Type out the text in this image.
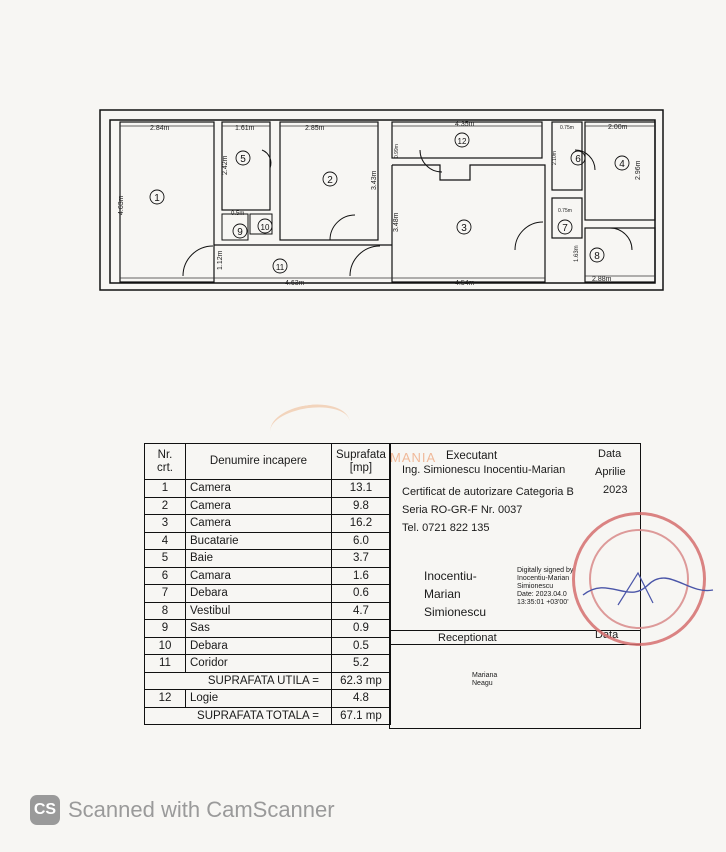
1
2
3
4
5	6
7
8
9 10
11
12
2.84m	1.61m	2.85m
4.35m	2.00m
0.75m
4.63m
3.43m
3.48m
2.96m
2.42m	2.10m
0.99m
0.5m
1.12m
0.75m
1.63m
4.63m	4.54m
2.88m
MANIA
Nr. crt.	Denumire incapere	Suprafata [mp]
1	Camera	13.1
2	Camera	9.8
3	Camera	16.2
4	Bucatarie	6.0
5	Baie	3.7
6	Camara	1.6
7	Debara	0.6
8	Vestibul	4.7
9	Sas	0.9
10	Debara	0.5
11	Coridor	5.2
SUPRAFATA UTILA =		62.3 mp
12	Logie	4.8
SUPRAFATA TOTALA =		67.1 mp
Executant
Ing. Simionescu Inocentiu-Marian
Certificat de autorizare Categoria B
Seria RO-GR-F Nr. 0037
Tel. 0721 822 135
Data
Aprilie
2023
Inocentiu-
Marian
Simionescu
Digitally signed by
Inocentiu-Marian
Simionescu
Date: 2023.04.0
13:35:01 +03'00'
Receptionat	Data
Mariana
Neagu
CS Scanned with CamScanner
